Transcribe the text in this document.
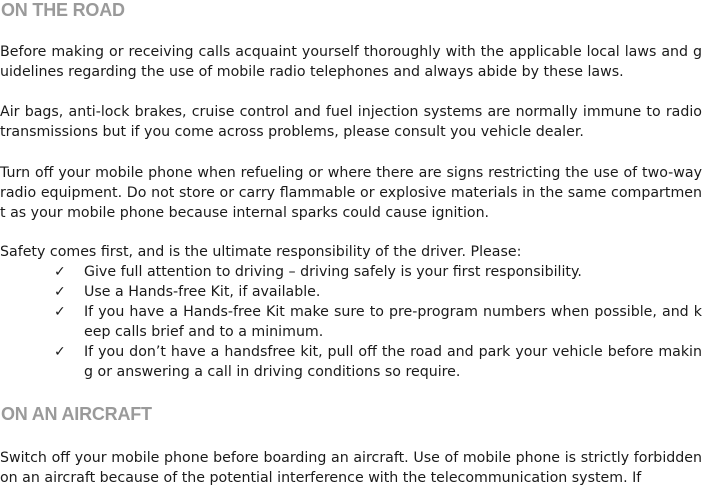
ON THE ROAD
Before making or receiving calls acquaint yourself thoroughly with the applicable local laws and guidelines regarding the use of mobile radio telephones and always abide by these laws.
Air bags, anti-lock brakes, cruise control and fuel injection systems are normally immune to radio transmissions but if you come across problems, please consult you vehicle dealer.
Turn off your mobile phone when refueling or where there are signs restricting the use of two-way radio equipment. Do not store or carry flammable or explosive materials in the same compartment as your mobile phone because internal sparks could cause ignition.
Safety comes first, and is the ultimate responsibility of the driver. Please:
✓ Give full attention to driving – driving safely is your first responsibility.
✓ Use a Hands-free Kit, if available.
✓ If you have a Hands-free Kit make sure to pre-program numbers when possible, and keep calls brief and to a minimum.
✓ If you don’t have a handsfree kit, pull off the road and park your vehicle before making or answering a call in driving conditions so require.
ON AN AIRCRAFT
Switch off your mobile phone before boarding an aircraft. Use of mobile phone is strictly forbidden on an aircraft because of the potential interference with the telecommunication system. If
